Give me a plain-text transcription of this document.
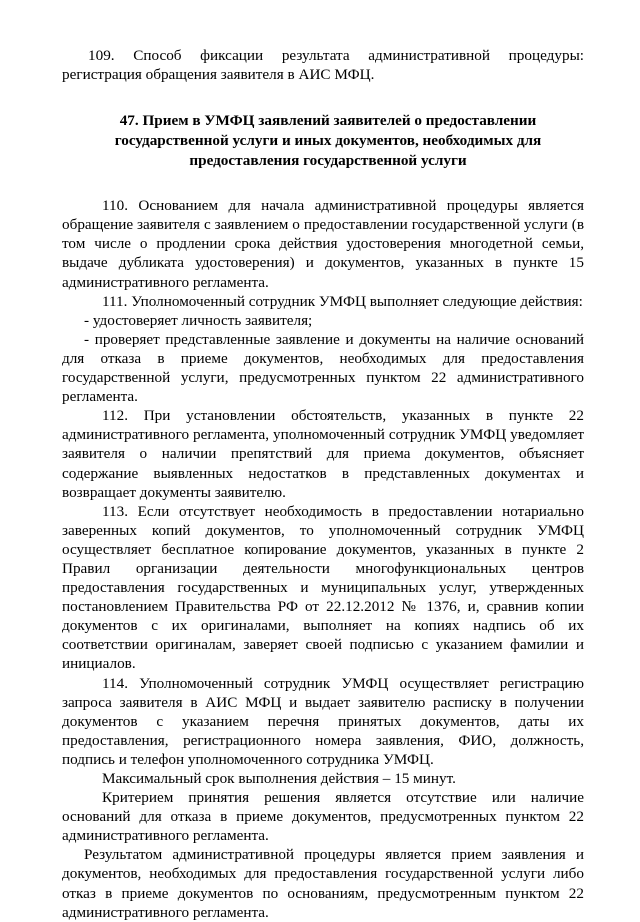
109. Способ фиксации результата административной процедуры: регистрация обращения заявителя в АИС МФЦ.

47. Прием в УМФЦ заявлений заявителей о предоставлении государственной услуги и иных документов, необходимых для предоставления государственной услуги

110. Основанием для начала административной процедуры является обращение заявителя с заявлением о предоставлении государственной услуги (в том числе о продлении срока действия удостоверения многодетной семьи, выдаче дубликата удостоверения) и документов, указанных в пункте 15 административного регламента.

111. Уполномоченный сотрудник УМФЦ выполняет следующие действия:

- удостоверяет личность заявителя;

- проверяет представленные заявление и документы на наличие оснований для отказа в приеме документов, необходимых для предоставления государственной услуги, предусмотренных пунктом 22 административного регламента.

112. При установлении обстоятельств, указанных в пункте 22 административного регламента, уполномоченный сотрудник УМФЦ уведомляет заявителя о наличии препятствий для приема документов, объясняет содержание выявленных недостатков в представленных документах и возвращает документы заявителю.

113. Если отсутствует необходимость в предоставлении нотариально заверенных копий документов, то уполномоченный сотрудник УМФЦ осуществляет бесплатное копирование документов, указанных в пункте 2 Правил организации деятельности многофункциональных центров предоставления государственных и муниципальных услуг, утвержденных постановлением Правительства РФ от 22.12.2012 № 1376, и, сравнив копии документов с их оригиналами, выполняет на копиях надпись об их соответствии оригиналам, заверяет своей подписью с указанием фамилии и инициалов.

114. Уполномоченный сотрудник УМФЦ осуществляет регистрацию запроса заявителя в АИС МФЦ и выдает заявителю расписку в получении документов с указанием перечня принятых документов, даты их предоставления, регистрационного номера заявления, ФИО, должность, подпись и телефон уполномоченного сотрудника УМФЦ.

Максимальный срок выполнения действия – 15 минут.

Критерием принятия решения является отсутствие или наличие оснований для отказа в приеме документов, предусмотренных пунктом 22 административного регламента.

Результатом административной процедуры является прием заявления и документов, необходимых для предоставления государственной услуги либо отказ в приеме документов по основаниям, предусмотренным пунктом 22 административного регламента.
